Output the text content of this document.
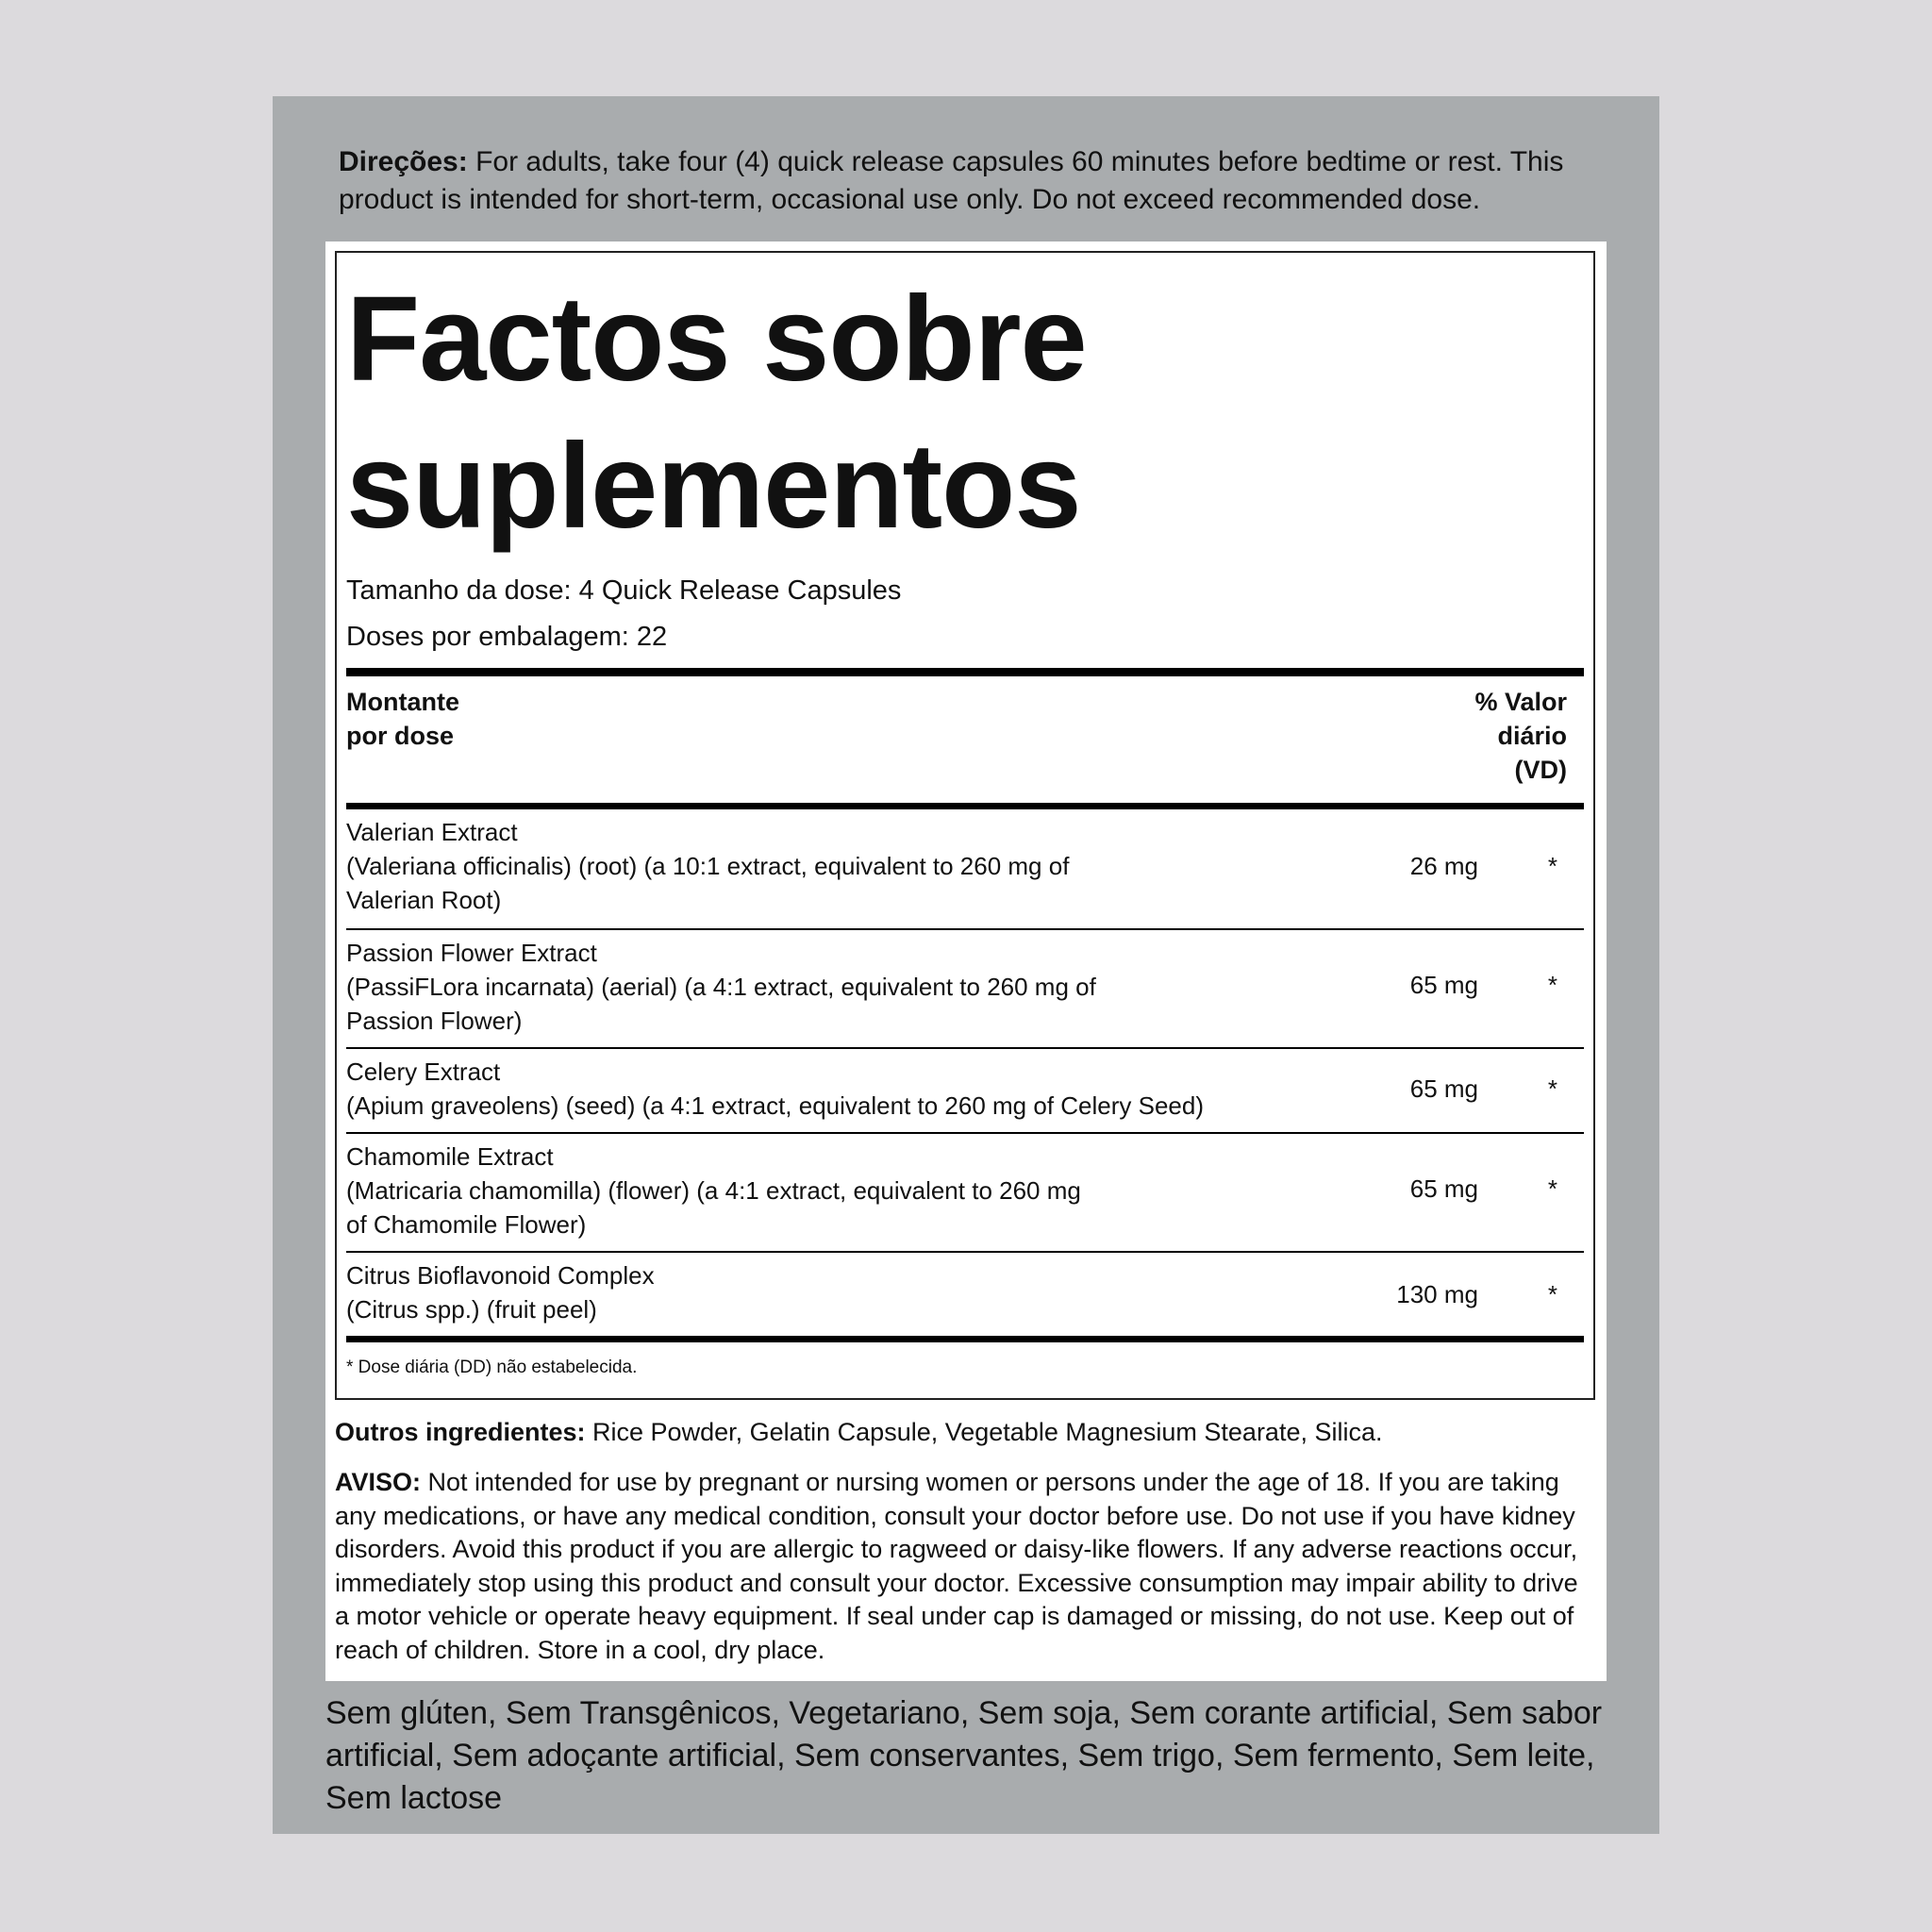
Direções: For adults, take four (4) quick release capsules 60 minutes before bedtime or rest. This product is intended for short-term, occasional use only. Do not exceed recommended dose.
Factos sobre
suplementos
Tamanho da dose: 4 Quick Release Capsules
Doses por embalagem: 22
Montante
por dose
% Valor
diário
(VD)
Valerian Extract
(Valeriana officinalis) (root) (a 10:1 extract, equivalent to 260 mg of Valerian Root)
26 mg	*
Passion Flower Extract
(PassiFLora incarnata) (aerial) (a 4:1 extract, equivalent to 260 mg of Passion Flower)
65 mg	*
Celery Extract
(Apium graveolens) (seed) (a 4:1 extract, equivalent to 260 mg of Celery Seed)
65 mg	*
Chamomile Extract
(Matricaria chamomilla) (flower) (a 4:1 extract, equivalent to 260 mg of Chamomile Flower)
65 mg	*
Citrus Bioflavonoid Complex
(Citrus spp.) (fruit peel)
130 mg	*
* Dose diária (DD) não estabelecida.
Outros ingredientes: Rice Powder, Gelatin Capsule, Vegetable Magnesium Stearate, Silica.
AVISO: Not intended for use by pregnant or nursing women or persons under the age of 18. If you are taking any medications, or have any medical condition, consult your doctor before use. Do not use if you have kidney disorders. Avoid this product if you are allergic to ragweed or daisy-like flowers. If any adverse reactions occur, immediately stop using this product and consult your doctor. Excessive consumption may impair ability to drive a motor vehicle or operate heavy equipment. If seal under cap is damaged or missing, do not use. Keep out of reach of children. Store in a cool, dry place.
Sem glúten, Sem Transgênicos, Vegetariano, Sem soja, Sem corante artificial, Sem sabor artificial, Sem adoçante artificial, Sem conservantes, Sem trigo, Sem fermento, Sem leite, Sem lactose
